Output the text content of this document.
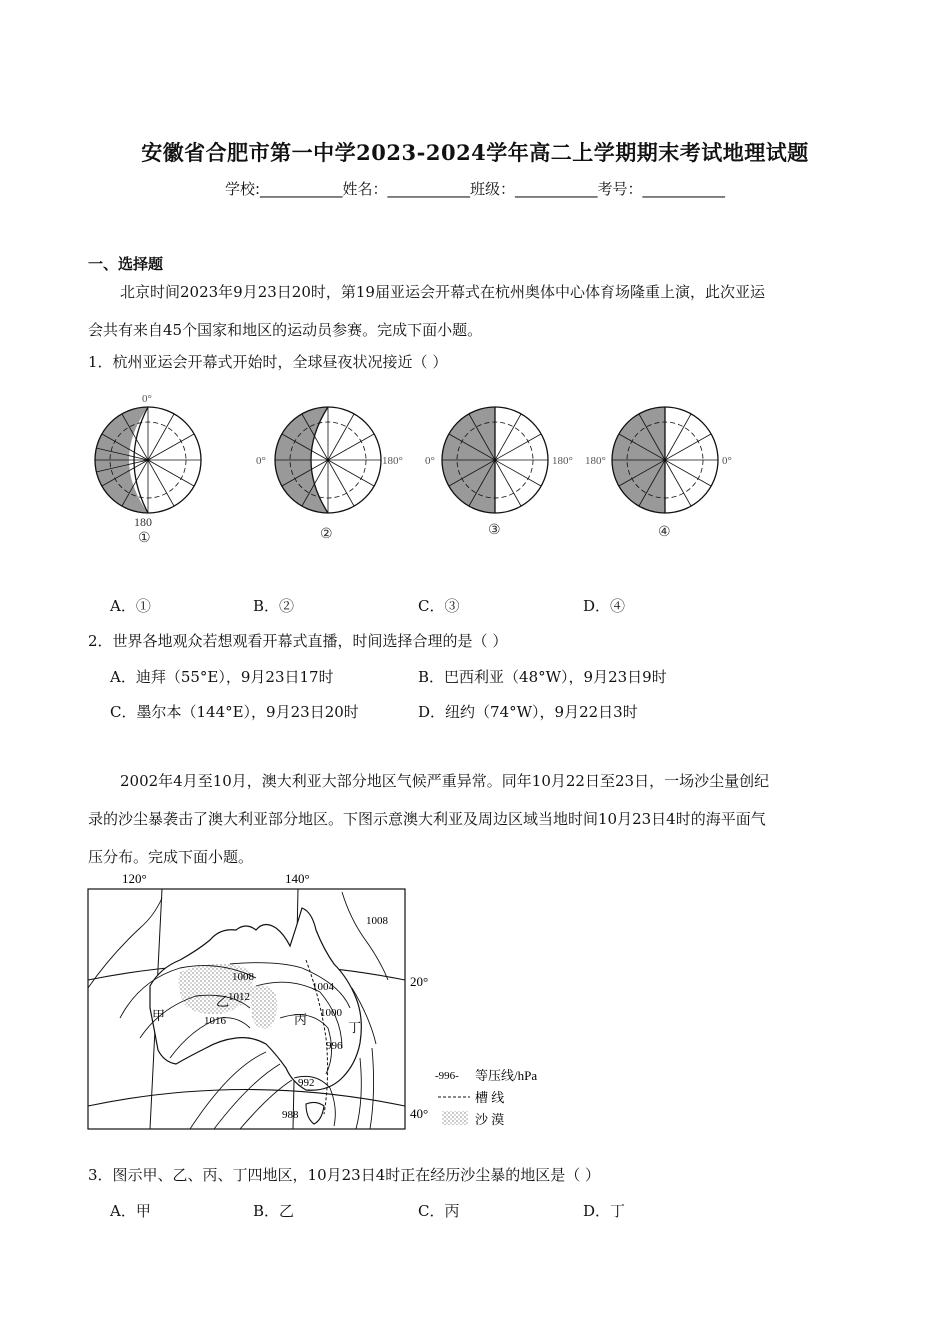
安徽省合肥市第一中学2023-2024学年高二上学期期末考试地理试题
学校:___________姓名：___________班级：___________考号：___________
一、选择题
北京时间2023年9月23日20时，第19届亚运会开幕式在杭州奥体中心体育场隆重上演，此次亚运
会共有来自45个国家和地区的运动员参赛。完成下面小题。
1．杭州亚运会开幕式开始时，全球昼夜状况接近（ ）
0°
180
①
0°	180°
②
0°	180°
③
180°	0°
④
A．①	B．②	C．③	D．④
2．世界各地观众若想观看开幕式直播，时间选择合理的是（ ）
A．迪拜（55°E），9月23日17时	B．巴西利亚（48°W），9月23日9时
C．墨尔本（144°E），9月23日20时	D．纽约（74°W），9月22日3时
2002年4月至10月，澳大利亚大部分地区气候严重异常。同年10月22日至23日，一场沙尘量创纪
录的沙尘暴袭击了澳大利亚部分地区。下图示意澳大利亚及周边区域当地时间10月23日4时的海平面气
压分布。完成下面小题。
120°	140°
20°
40°
1008
1008
1012
1016
1004
1000
996
992
988
甲
乙
丙
丁
-996- 等压线/hPa
槽 线
沙 漠
3．图示甲、乙、丙、丁四地区，10月23日4时正在经历沙尘暴的地区是（ ）
A．甲	B．乙	C．丙	D．丁
